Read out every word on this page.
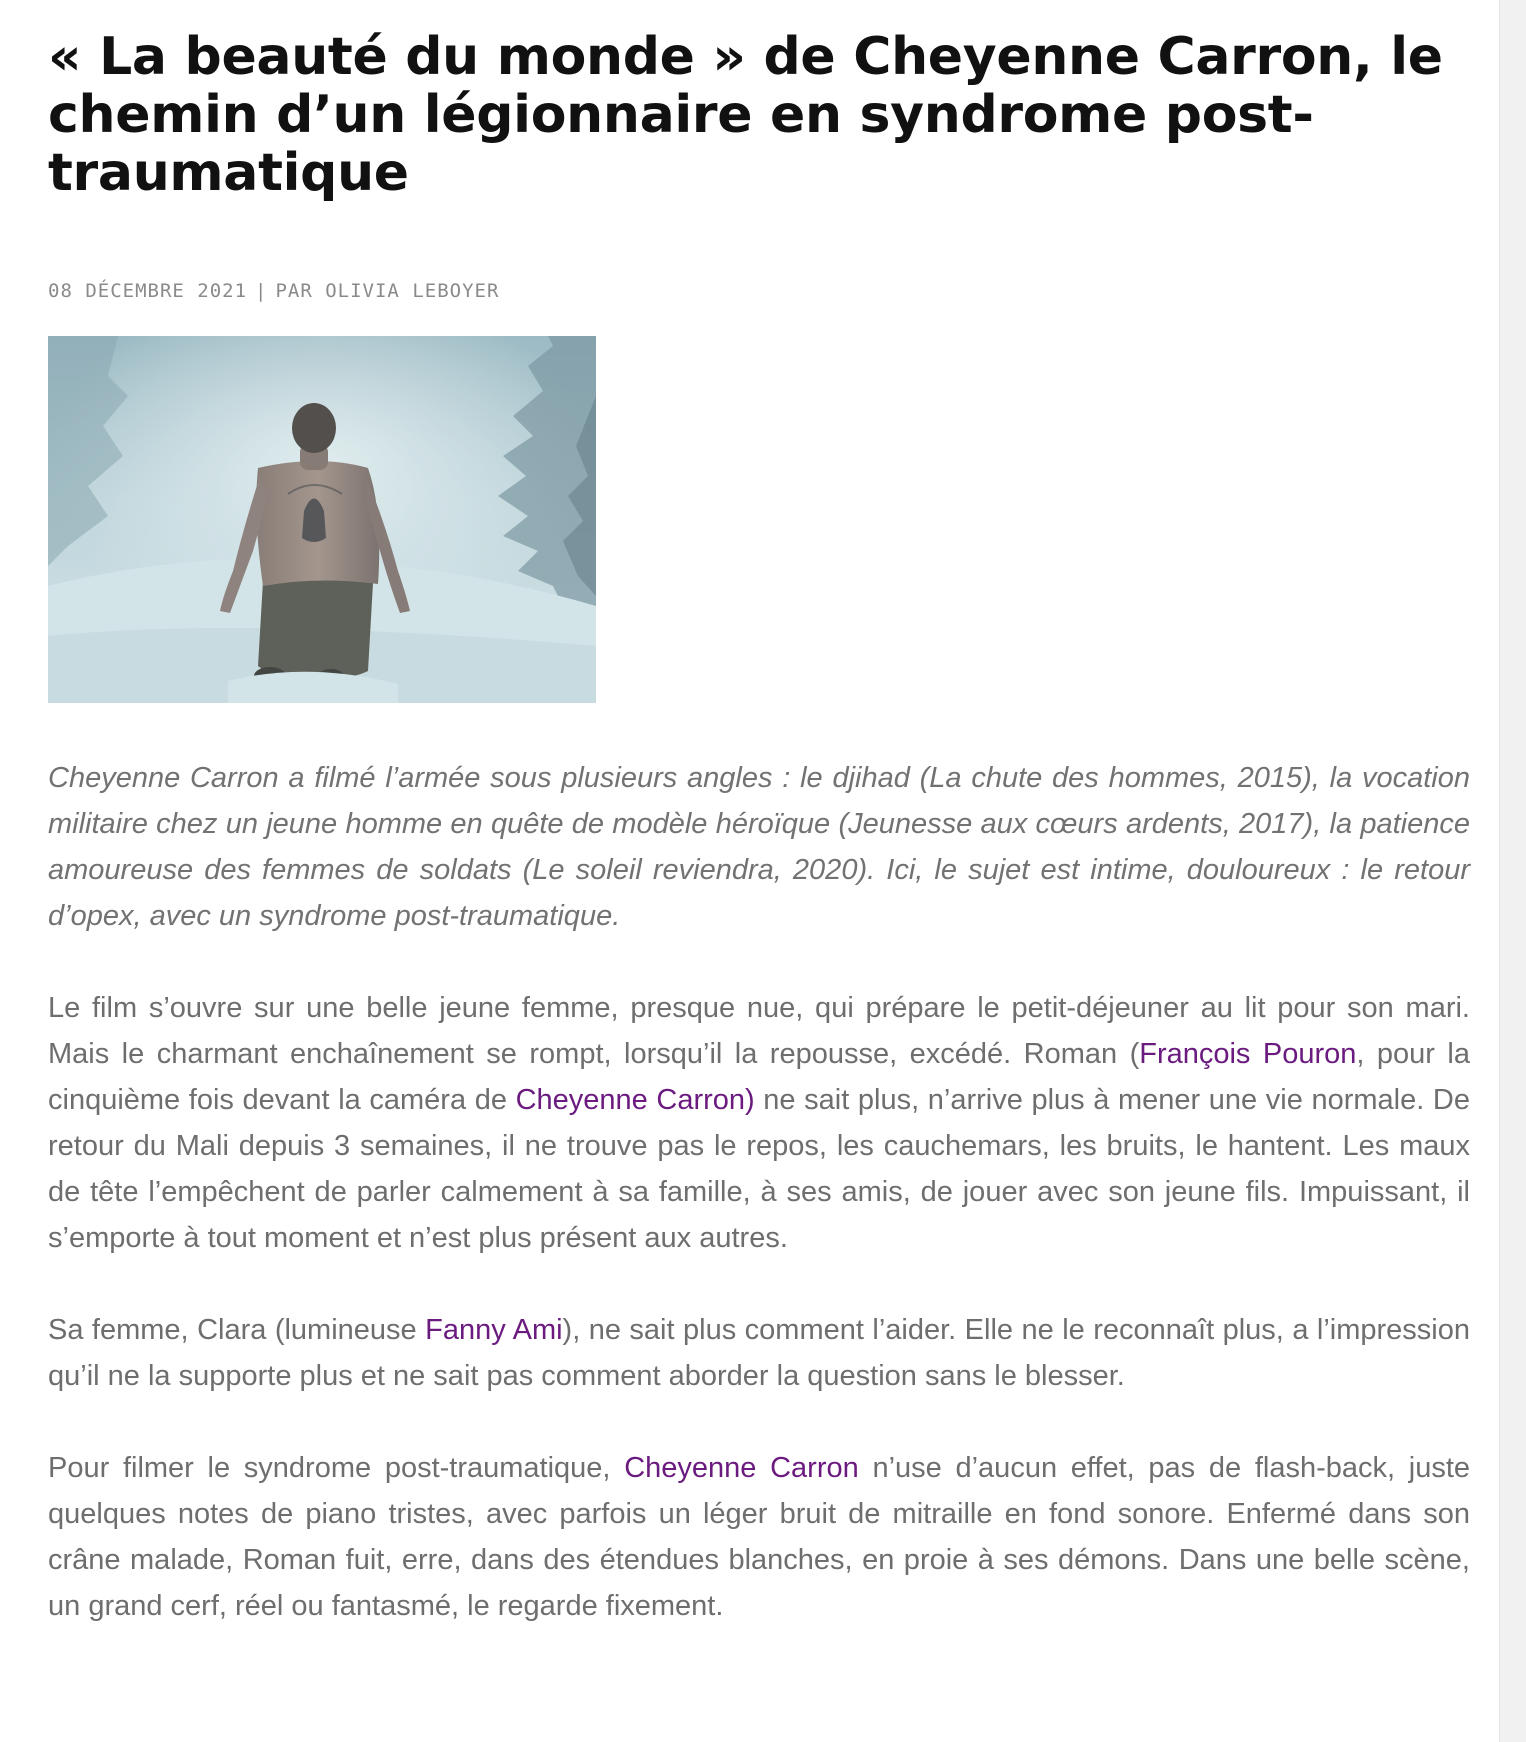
« La beauté du monde » de Cheyenne Carron, le chemin d’un légionnaire en syndrome post-traumatique
08 DÉCEMBRE 2021 | PAR OLIVIA LEBOYER

Cheyenne Carron a filmé l’armée sous plusieurs angles : le djihad (La chute des hommes, 2015), la vocation militaire chez un jeune homme en quête de modèle héroïque (Jeunesse aux cœurs ardents, 2017), la patience amoureuse des femmes de soldats (Le soleil reviendra, 2020). Ici, le sujet est intime, douloureux : le retour d’opex, avec un syndrome post-traumatique.

Le film s’ouvre sur une belle jeune femme, presque nue, qui prépare le petit-déjeuner au lit pour son mari. Mais le charmant enchaînement se rompt, lorsqu’il la repousse, excédé. Roman (François Pouron, pour la cinquième fois devant la caméra de Cheyenne Carron) ne sait plus, n’arrive plus à mener une vie normale. De retour du Mali depuis 3 semaines, il ne trouve pas le repos, les cauchemars, les bruits, le hantent. Les maux de tête l’empêchent de parler calmement à sa famille, à ses amis, de jouer avec son jeune fils. Impuissant, il s’emporte à tout moment et n’est plus présent aux autres.

Sa femme, Clara (lumineuse Fanny Ami), ne sait plus comment l’aider. Elle ne le reconnaît plus, a l’impression qu’il ne la supporte plus et ne sait pas comment aborder la question sans le blesser.

Pour filmer le syndrome post-traumatique, Cheyenne Carron n’use d’aucun effet, pas de flash-back, juste quelques notes de piano tristes, avec parfois un léger bruit de mitraille en fond sonore. Enfermé dans son crâne malade, Roman fuit, erre, dans des étendues blanches, en proie à ses démons. Dans une belle scène, un grand cerf, réel ou fantasmé, le regarde fixement.
